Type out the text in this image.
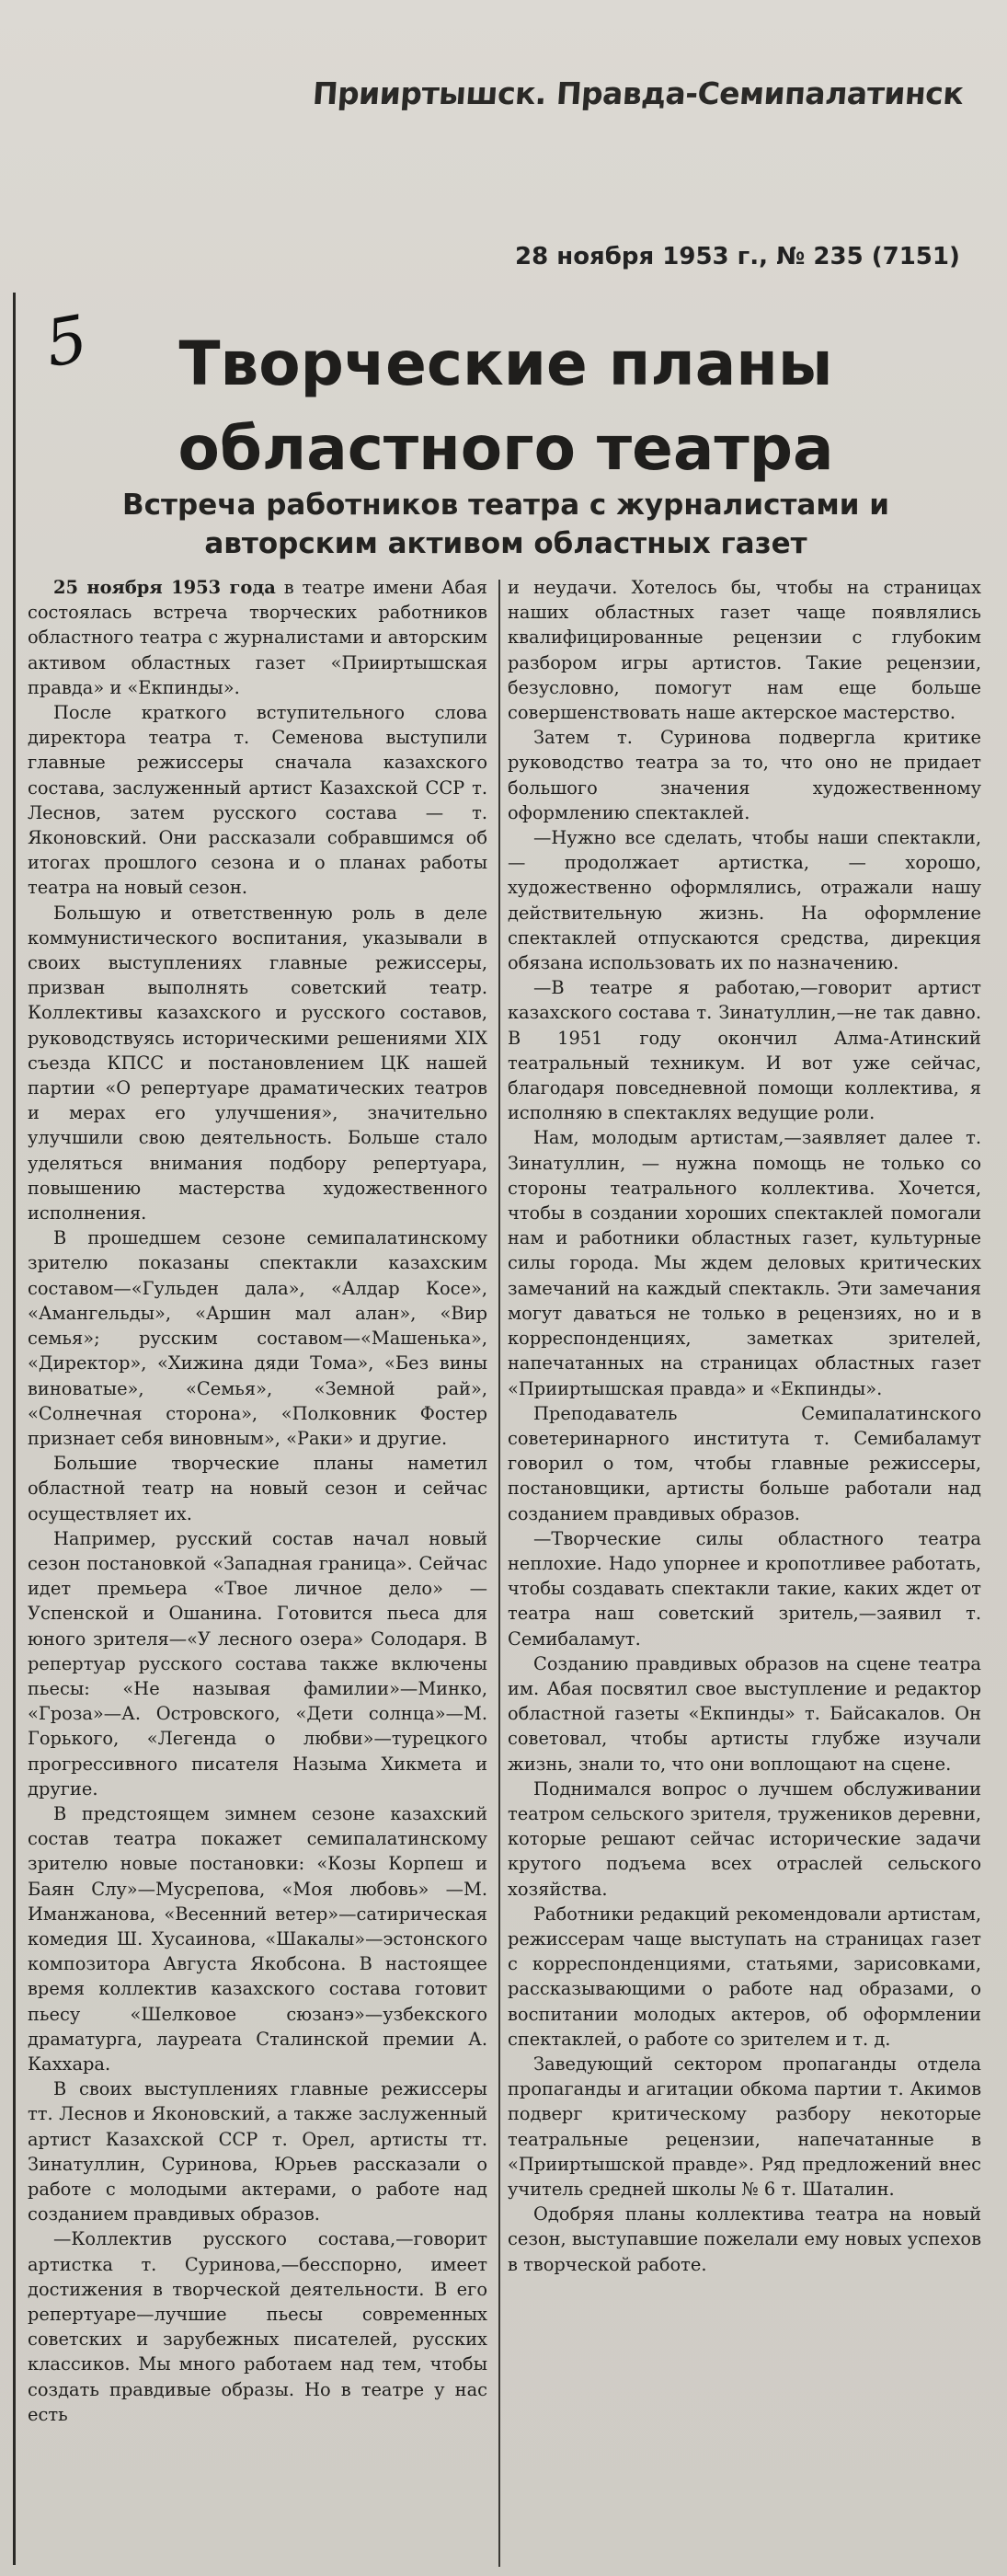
Прииртышск. Правда-Семипалатинск
28 ноября 1953 г., № 235 (7151)
5	Творческие планы областного театра
Встреча работников театра с журналистами и авторским активом областных газет

25 ноября 1953 года в театре имени Абая состоялась встреча творческих работников областного театра с журналистами и авторским активом областных газет «Прииртышская правда» и «Екпинды».

После краткого вступительного слова директора театра т. Семенова выступили главные режиссеры сначала казахского состава, заслуженный артист Казахской ССР т. Леснов, затем русского состава — т. Яконовский. Они рассказали собравшимся об итогах прошлого сезона и о планах работы театра на новый сезон.

Большую и ответственную роль в деле коммунистического воспитания, указывали в своих выступлениях главные режиссеры, призван выполнять советский театр. Коллективы казахского и русского составов, руководствуясь историческими решениями XIX съезда КПСС и постановлением ЦК нашей партии «О репертуаре драматических театров и мерах его улучшения», значительно улучшили свою деятельность. Больше стало уделяться внимания подбору репертуара, повышению мастерства художественного исполнения.

В прошедшем сезоне семипалатинскому зрителю показаны спектакли казахским составом—«Гульден дала», «Алдар Косе», «Амангельды», «Аршин мал алан», «Вир семья»; русским составом—«Машенька», «Директор», «Хижина дяди Тома», «Без вины виноватые», «Семья», «Земной рай», «Солнечная сторона», «Полковник Фостер признает себя виновным», «Раки» и другие.

Большие творческие планы наметил областной театр на новый сезон и сейчас осуществляет их.

Например, русский состав начал новый сезон постановкой «Западная граница». Сейчас идет премьера «Твое личное дело» — Успенской и Ошанина. Готовится пьеса для юного зрителя—«У лесного озера» Солодаря. В репертуар русского состава также включены пьесы: «Не называя фамилии»—Минко, «Гроза»—А. Островского, «Дети солнца»—М. Горького, «Легенда о любви»—турецкого прогрессивного писателя Назыма Хикмета и другие.

В предстоящем зимнем сезоне казахский состав театра покажет семипалатинскому зрителю новые постановки: «Козы Корпеш и Баян Слу»—Мусрепова, «Моя любовь» —М. Иманжанова, «Весенний ветер»—сатирическая комедия Ш. Хусаинова, «Шакалы»—эстонского композитора Августа Якобсона. В настоящее время коллектив казахского состава готовит пьесу «Шелковое сюзанэ»—узбекского драматурга, лауреата Сталинской премии А. Каххара.

В своих выступлениях главные режиссеры тт. Леснов и Яконовский, а также заслуженный артист Казахской ССР т. Орел, артисты тт. Зинатуллин, Суринова, Юрьев рассказали о работе с молодыми актерами, о работе над созданием правдивых образов.

—Коллектив русского состава,—говорит артистка т. Суринова,—бесспорно, имеет достижения в творческой деятельности. В его репертуаре—лучшие пьесы современных советских и зарубежных писателей, русских классиков. Мы много работаем над тем, чтобы создать правдивые образы. Но в театре у нас есть

и неудачи. Хотелось бы, чтобы на страницах наших областных газет чаще появлялись квалифицированные рецензии с глубоким разбором игры артистов. Такие рецензии, безусловно, помогут нам еще больше совершенствовать наше актерское мастерство.

Затем т. Суринова подвергла критике руководство театра за то, что оно не придает большого значения художественному оформлению спектаклей.

—Нужно все сделать, чтобы наши спектакли, — продолжает артистка, — хорошо, художественно оформлялись, отражали нашу действительную жизнь. На оформление спектаклей отпускаются средства, дирекция обязана использовать их по назначению.

—В театре я работаю,—говорит артист казахского состава т. Зинатуллин,—не так давно. В 1951 году окончил Алма-Атинский театральный техникум. И вот уже сейчас, благодаря повседневной помощи коллектива, я исполняю в спектаклях ведущие роли.

Нам, молодым артистам,—заявляет далее т. Зинатуллин, — нужна помощь не только со стороны театрального коллектива. Хочется, чтобы в создании хороших спектаклей помогали нам и работники областных газет, культурные силы города. Мы ждем деловых критических замечаний на каждый спектакль. Эти замечания могут даваться не только в рецензиях, но и в корреспонденциях, заметках зрителей, напечатанных на страницах областных газет «Прииртышская правда» и «Екпинды».

Преподаватель Семипалатинского советеринарного института т. Семибаламут говорил о том, чтобы главные режиссеры, постановщики, артисты больше работали над созданием правдивых образов.

—Творческие силы областного театра неплохие. Надо упорнее и кропотливее работать, чтобы создавать спектакли такие, каких ждет от театра наш советский зритель,—заявил т. Семибаламут.

Созданию правдивых образов на сцене театра им. Абая посвятил свое выступление и редактор областной газеты «Екпинды» т. Байсакалов. Он советовал, чтобы артисты глубже изучали жизнь, знали то, что они воплощают на сцене.

Поднимался вопрос о лучшем обслуживании театром сельского зрителя, тружеников деревни, которые решают сейчас исторические задачи крутого подъема всех отраслей сельского хозяйства.

Работники редакций рекомендовали артистам, режиссерам чаще выступать на страницах газет с корреспонденциями, статьями, зарисовками, рассказывающими о работе над образами, о воспитании молодых актеров, об оформлении спектаклей, о работе со зрителем и т. д.

Заведующий сектором пропаганды отдела пропаганды и агитации обкома партии т. Акимов подверг критическому разбору некоторые театральные рецензии, напечатанные в «Прииртышской правде». Ряд предложений внес учитель средней школы № 6 т. Шаталин.

Одобряя планы коллектива театра на новый сезон, выступавшие пожелали ему новых успехов в творческой работе.
